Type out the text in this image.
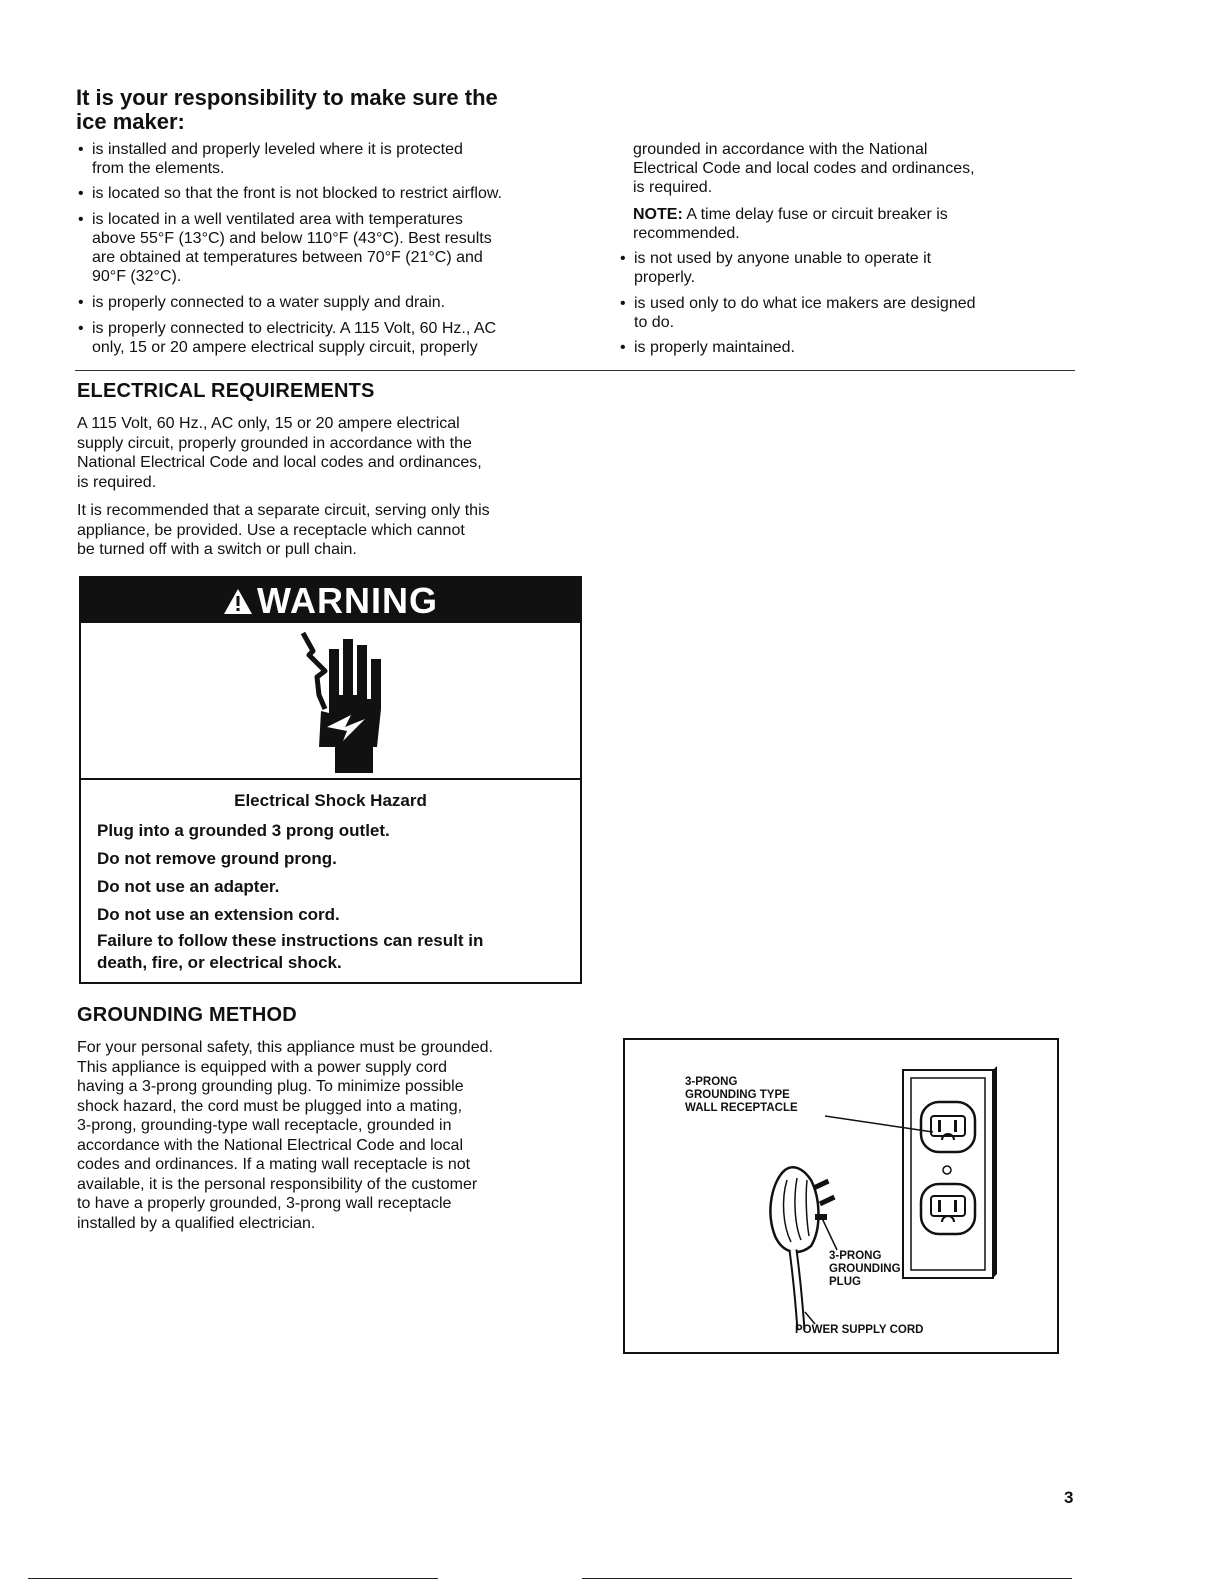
It is your responsibility to make sure the
ice maker:
• is installed and properly leveled where it is protected
from the elements.
• is located so that the front is not blocked to restrict airflow.
• is located in a well ventilated area with temperatures
above 55°F (13°C) and below 110°F (43°C). Best results
are obtained at temperatures between 70°F (21°C) and
90°F (32°C).
• is properly connected to a water supply and drain.
• is properly connected to electricity. A 115 Volt, 60 Hz., AC
only, 15 or 20 ampere electrical supply circuit, properly
grounded in accordance with the National
Electrical Code and local codes and ordinances,
is required.
NOTE: A time delay fuse or circuit breaker is
recommended.
• is not used by anyone unable to operate it
properly.
• is used only to do what ice makers are designed
to do.
• is properly maintained.
ELECTRICAL REQUIREMENTS
A 115 Volt, 60 Hz., AC only, 15 or 20 ampere electrical
supply circuit, properly grounded in accordance with the
National Electrical Code and local codes and ordinances,
is required.
It is recommended that a separate circuit, serving only this
appliance, be provided. Use a receptacle which cannot
be turned off with a switch or pull chain.
WARNING
Electrical Shock Hazard
Plug into a grounded 3 prong outlet.
Do not remove ground prong.
Do not use an adapter.
Do not use an extension cord.
Failure to follow these instructions can result in
death, fire, or electrical shock.
GROUNDING METHOD
For your personal safety, this appliance must be grounded.
This appliance is equipped with a power supply cord
having a 3-prong grounding plug. To minimize possible
shock hazard, the cord must be plugged into a mating,
3-prong, grounding-type wall receptacle, grounded in
accordance with the National Electrical Code and local
codes and ordinances. If a mating wall receptacle is not
available, it is the personal responsibility of the customer
to have a properly grounded, 3-prong wall receptacle
installed by a qualified electrician.
3-PRONG
GROUNDING TYPE
WALL RECEPTACLE
3-PRONG
GROUNDING
PLUG
POWER SUPPLY CORD
3
